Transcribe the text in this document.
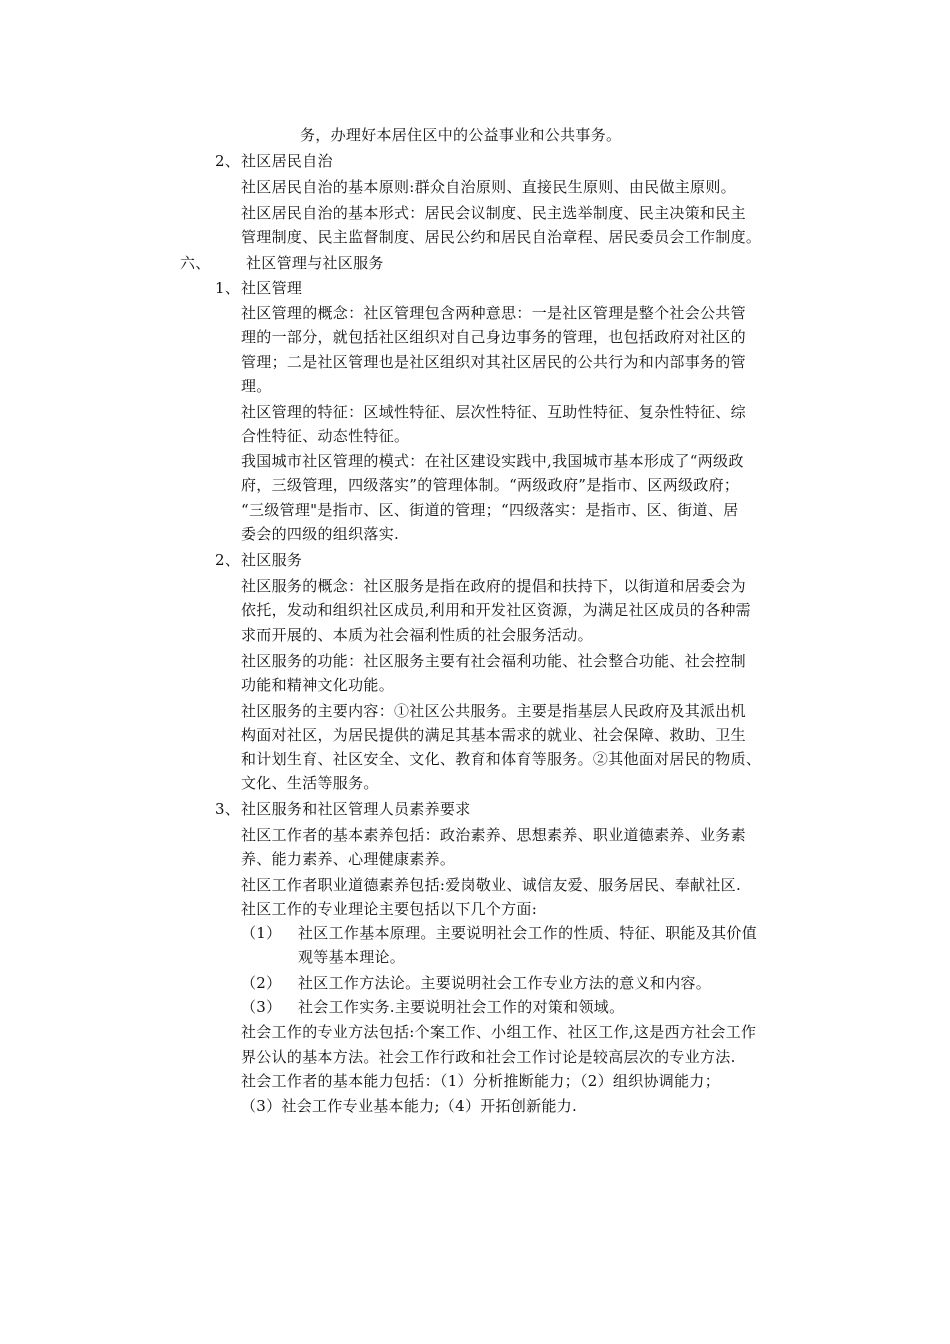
务，办理好本居住区中的公益事业和公共事务。
2、 社区居民自治
社区居民自治的基本原则:群众自治原则、直接民生原则、由民做主原则。
社区居民自治的基本形式：居民会议制度、民主选举制度、民主决策和民主
管理制度、民主监督制度、居民公约和居民自治章程、居民委员会工作制度。
六、 社区管理与社区服务
1、 社区管理
社区管理的概念：社区管理包含两种意思：一是社区管理是整个社会公共管
理的一部分，就包括社区组织对自己身边事务的管理，也包括政府对社区的
管理；二是社区管理也是社区组织对其社区居民的公共行为和内部事务的管
理。
社区管理的特征：区域性特征、层次性特征、互助性特征、复杂性特征、综
合性特征、动态性特征。
我国城市社区管理的模式：在社区建设实践中,我国城市基本形成了“两级政
府，三级管理，四级落实”的管理体制。“两级政府”是指市、区两级政府；
“三级管理"是指市、区、街道的管理；“四级落实：是指市、区、街道、居
委会的四级的组织落实.
2、 社区服务
社区服务的概念：社区服务是指在政府的提倡和扶持下，以街道和居委会为
依托，发动和组织社区成员,利用和开发社区资源，为满足社区成员的各种需
求而开展的、本质为社会福利性质的社会服务活动。
社区服务的功能：社区服务主要有社会福利功能、社会整合功能、社会控制
功能和精神文化功能。
社区服务的主要内容：①社区公共服务。主要是指基层人民政府及其派出机
构面对社区，为居民提供的满足其基本需求的就业、社会保障、救助、卫生
和计划生育、社区安全、文化、教育和体育等服务。②其他面对居民的物质、
文化、生活等服务。
3、 社区服务和社区管理人员素养要求
社区工作者的基本素养包括：政治素养、思想素养、职业道德素养、业务素
养、能力素养、心理健康素养。
社区工作者职业道德素养包括:爱岗敬业、诚信友爱、服务居民、奉献社区.
社区工作的专业理论主要包括以下几个方面:
（1） 社区工作基本原理。主要说明社会工作的性质、特征、职能及其价值
观等基本理论。
（2） 社区工作方法论。主要说明社会工作专业方法的意义和内容。
（3） 社会工作实务.主要说明社会工作的对策和领域。
社会工作的专业方法包括:个案工作、小组工作、社区工作,这是西方社会工作
界公认的基本方法。社会工作行政和社会工作讨论是较高层次的专业方法.
社会工作者的基本能力包括：（1）分析推断能力；（2）组织协调能力；
（3）社会工作专业基本能力;（4）开拓创新能力.
